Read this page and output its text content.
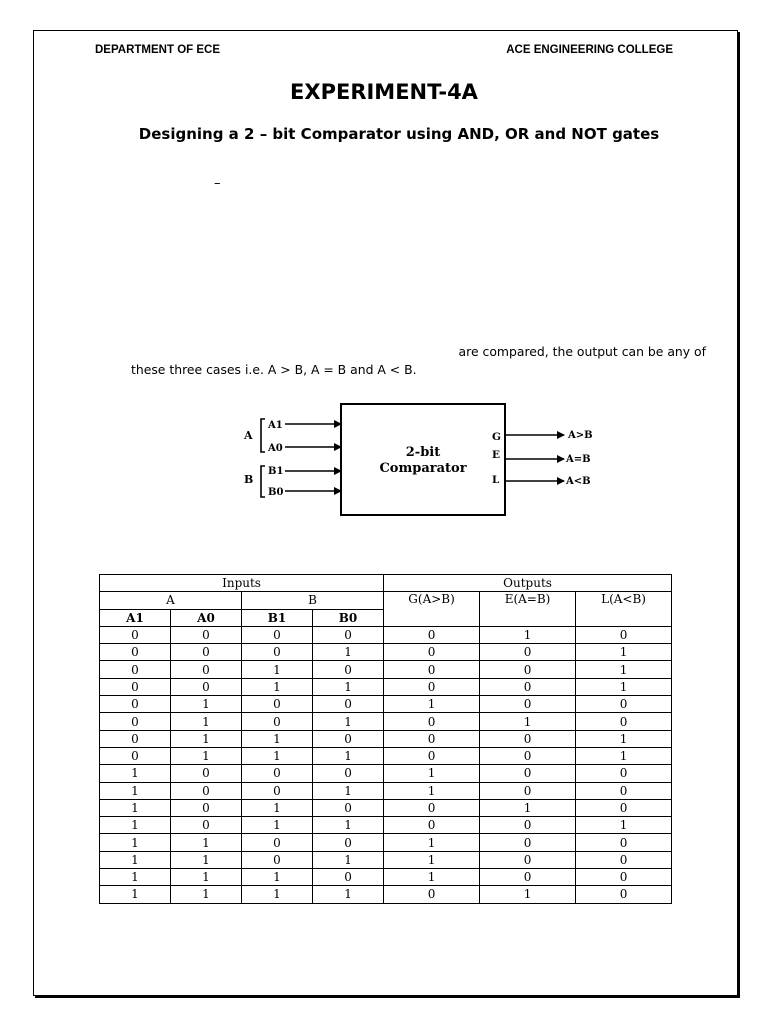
DEPARTMENT OF ECE	ACE ENGINEERING COLLEGE
EXPERIMENT-4A
Designing a 2 – bit Comparator using AND, OR and NOT gates
–
are compared, the output can be any of
these three cases i.e. A > B, A = B and A < B.
2-bit
Comparator
A
A1
A0
B
B1
B0
G
E
L
A>B
A=B
A<B
Inputs				Outputs		
A		B		G(A>B)	E(A=B)	L(A<B)
A1	A0	B1	B0			
0	0	0	0	0	1	0
0	0	0	1	0	0	1
0	0	1	0	0	0	1
0	0	1	1	0	0	1
0	1	0	0	1	0	0
0	1	0	1	0	1	0
0	1	1	0	0	0	1
0	1	1	1	0	0	1
1	0	0	0	1	0	0
1	0	0	1	1	0	0
1	0	1	0	0	1	0
1	0	1	1	0	0	1
1	1	0	0	1	0	0
1	1	0	1	1	0	0
1	1	1	0	1	0	0
1	1	1	1	0	1	0
